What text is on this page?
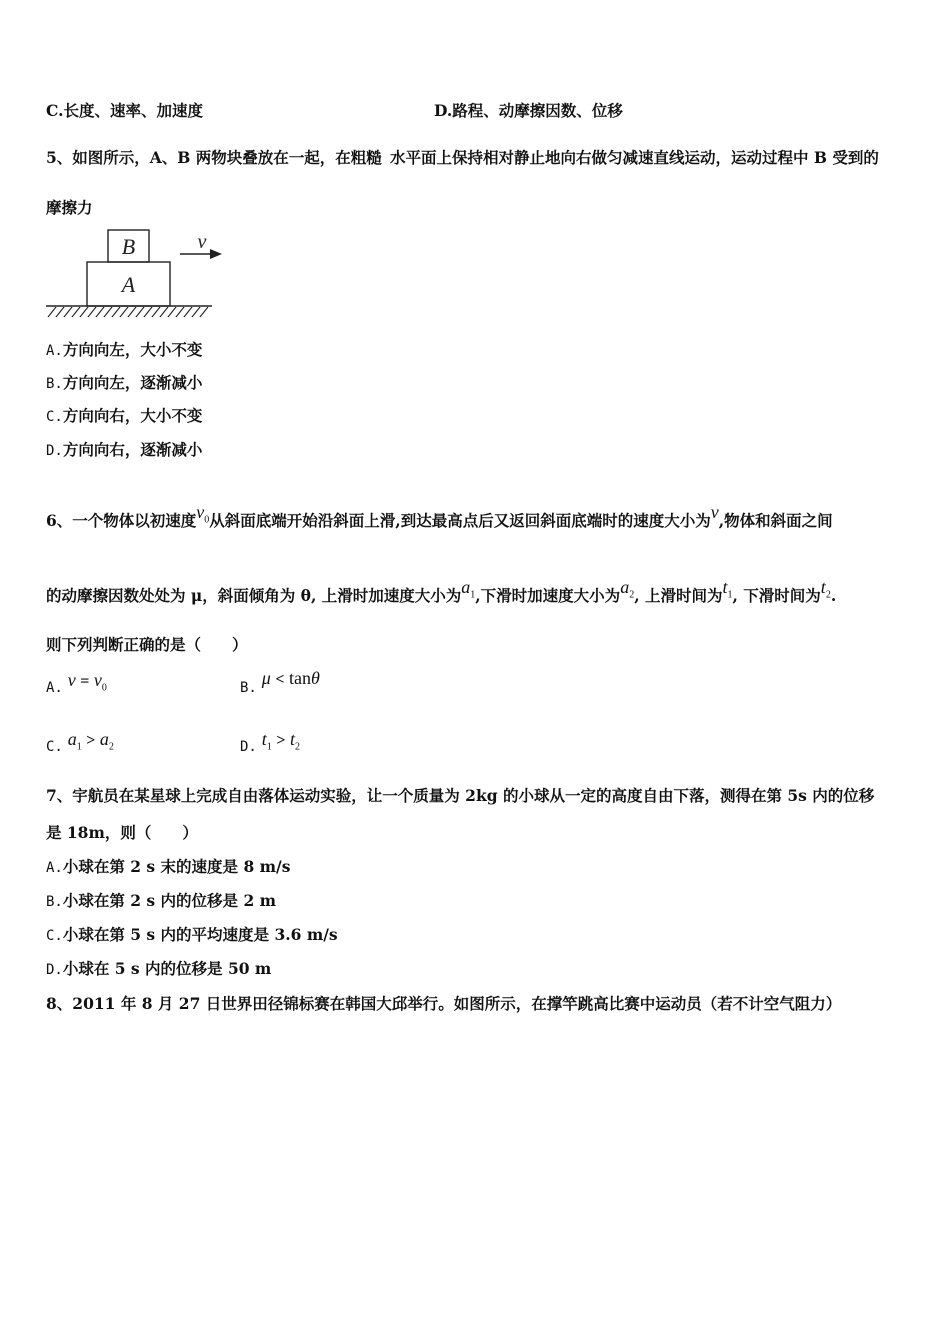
C.长度、速率、加速度	D.路程、动摩擦因数、位移
5、如图所示，A、B 两物块叠放在一起，在粗糙 水平面上保持相对静止地向右做匀减速直线运动，运动过程中 B 受到的
摩擦力
B
A
v
A.方向向左，大小不变
B.方向向左，逐渐减小
C.方向向右，大小不变
D.方向向右，逐渐减小
6、一个物体以初速度$v_0$从斜面底端开始沿斜面上滑,到达最高点后又返回斜面底端时的速度大小为v,物体和斜面之间
的动摩擦因数处处为 μ，斜面倾角为 θ, 上滑时加速度大小为$a_1$,下滑时加速度大小为$a_2$, 上滑时间为$t_1$, 下滑时间为$t_2$.
则下列判断正确的是（　　）
A. $v = v_0$	B. μ < tanθ
C. $a_1 > a_2$	D. $t_1 > t_2$
7、宇航员在某星球上完成自由落体运动实验，让一个质量为 2kg 的小球从一定的高度自由下落，测得在第 5s 内的位移
是 18m，则（　　）
A.小球在第 2 s 末的速度是 8 m/s
B.小球在第 2 s 内的位移是 2 m
C.小球在第 5 s 内的平均速度是 3.6 m/s
D.小球在 5 s 内的位移是 50 m
8、2011 年 8 月 27 日世界田径锦标赛在韩国大邱举行。如图所示，在撑竿跳高比赛中运动员（若不计空气阻力）
